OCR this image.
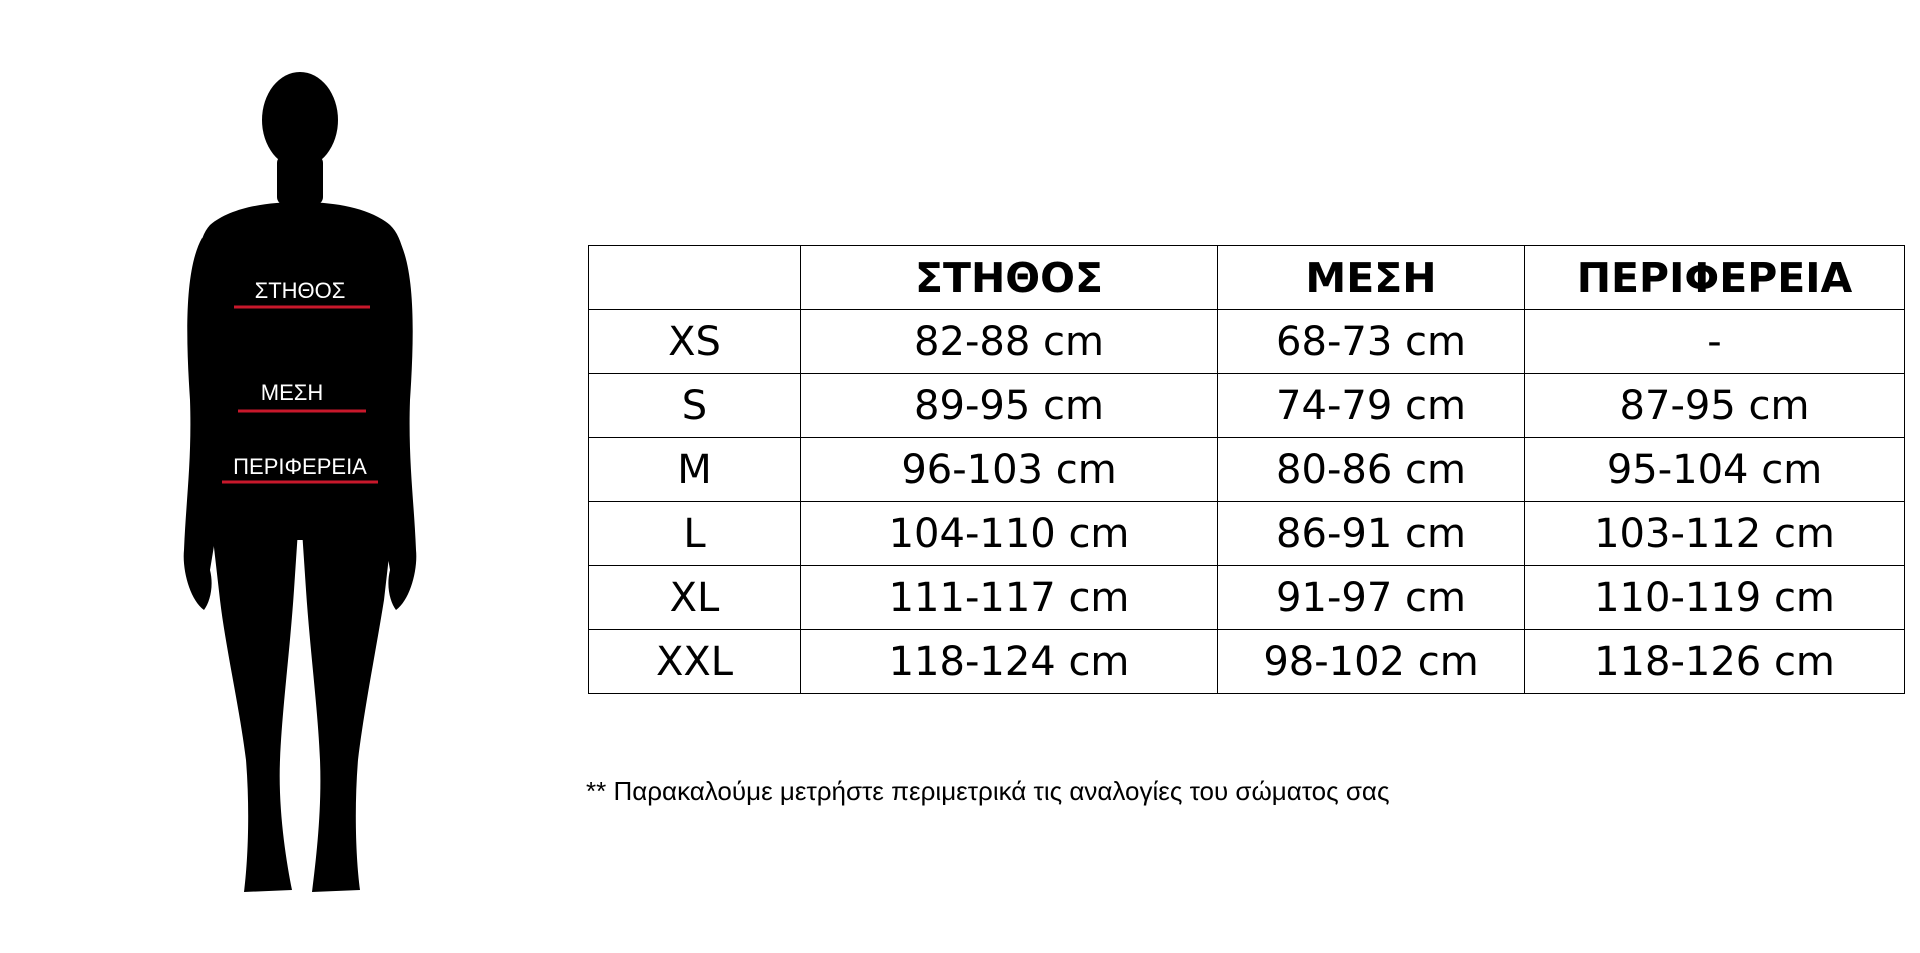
ΣΤΗΘΟΣ
ΜΕΣΗ
ΠΕΡΙΦΕΡΕΙΑ
	ΣΤΗΘΟΣ	ΜΕΣΗ	ΠΕΡΙΦΕΡΕΙΑ
XS	82-88 cm	68-73 cm	-
S	89-95 cm	74-79 cm	87-95 cm
M	96-103 cm	80-86 cm	95-104 cm
L	104-110 cm	86-91 cm	103-112 cm
XL	111-117 cm	91-97 cm	110-119 cm
XXL	118-124 cm	98-102 cm	118-126 cm
** Παρακαλούμε μετρήστε περιμετρικά τις αναλογίες του σώματος σας
